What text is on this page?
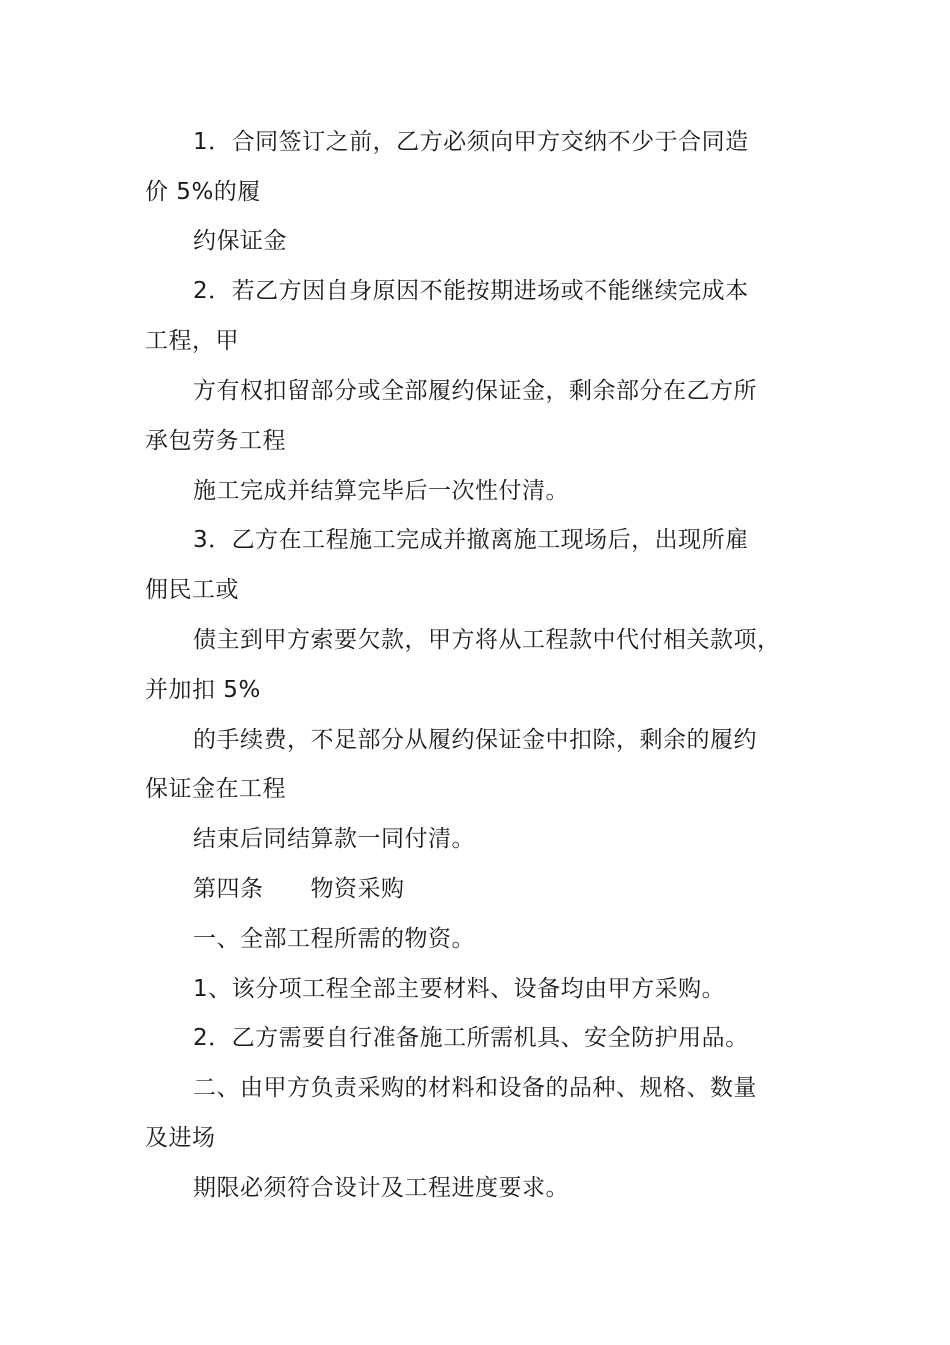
1．合同签订之前，乙方必须向甲方交纳不少于合同造
价 5%的履
约保证金
2．若乙方因自身原因不能按期进场或不能继续完成本
工程，甲
方有权扣留部分或全部履约保证金，剩余部分在乙方所
承包劳务工程
施工完成并结算完毕后一次性付清。
3．乙方在工程施工完成并撤离施工现场后，出现所雇
佣民工或
债主到甲方索要欠款，甲方将从工程款中代付相关款项，
并加扣 5%
的手续费，不足部分从履约保证金中扣除，剩余的履约
保证金在工程
结束后同结算款一同付清。
第四条　　物资采购
一、全部工程所需的物资。
1、该分项工程全部主要材料、设备均由甲方采购。
2．乙方需要自行准备施工所需机具、安全防护用品。
二、由甲方负责采购的材料和设备的品种、规格、数量
及进场
期限必须符合设计及工程进度要求。
